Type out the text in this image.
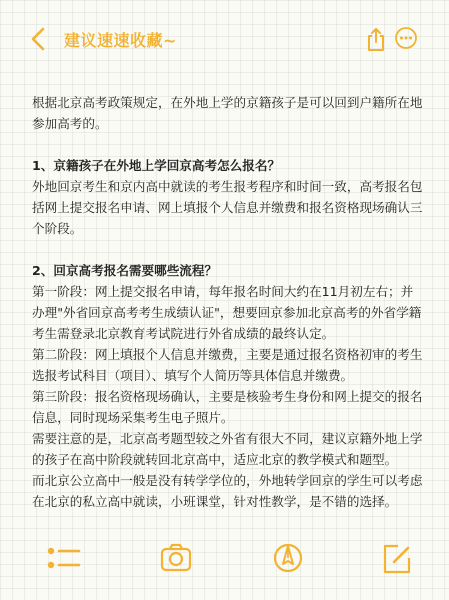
建议速速收藏~

根据北京高考政策规定，在外地上学的京籍孩子是可以回到户籍所在地参加高考的。

1、京籍孩子在外地上学回京高考怎么报名？

外地回京考生和京内高中就读的考生报考程序和时间一致，高考报名包括网上提交报名申请、网上填报个人信息并缴费和报名资格现场确认三个阶段。

2、回京高考报名需要哪些流程？

第一阶段：网上提交报名申请，每年报名时间大约在11月初左右；并办理"外省回京高考考生成绩认证"，想要回京参加北京高考的外省学籍考生需登录北京教育考试院进行外省成绩的最终认定。

第二阶段：网上填报个人信息并缴费，主要是通过报名资格初审的考生选报考试科目（项目）、填写个人简历等具体信息并缴费。

第三阶段：报名资格现场确认，主要是核验考生身份和网上提交的报名信息，同时现场采集考生电子照片。

需要注意的是，北京高考题型较之外省有很大不同，建议京籍外地上学的孩子在高中阶段就转回北京高中，适应北京的教学模式和题型。

而北京公立高中一般是没有转学学位的，外地转学回京的学生可以考虑在北京的私立高中就读，小班课堂，针对性教学，是不错的选择。
